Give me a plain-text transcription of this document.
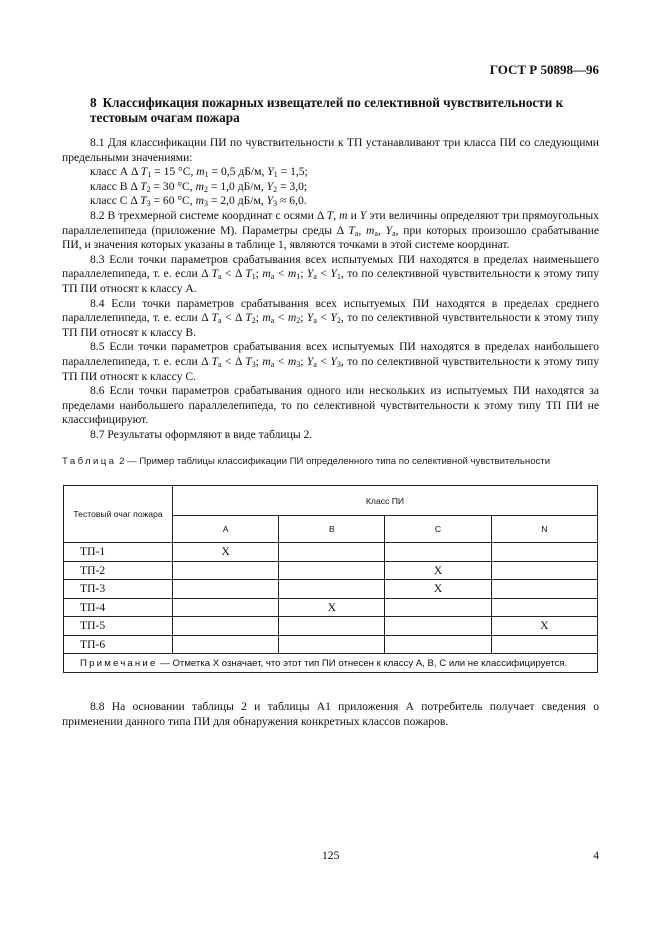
ГОСТ Р 50898—96
8 Классификация пожарных извещателей по селективной чувствительности к тестовым очагам пожара

8.1 Для классификации ПИ по чувствительности к ТП устанавливают три класса ПИ со следующими предельными значениями:

класс А Δ $T_1 = 15$ °С, $m_1 = 0,5$ дБ/м, $Y_1 = 1,5$;

класс В Δ $T_2 = 30$ °С, $m_2 = 1,0$ дБ/м, $Y_2 = 3,0$;

класс С Δ $T_3 = 60$ °С, $m_3 = 2,0$ дБ/м, $Y_3 \approx 6,0$.

8.2 В трехмерной системе координат с осями Δ T, m и Y эти величины определяют три прямоугольных параллелепипеда (приложение М). Параметры среды Δ $T_a$, $m_a$, $Y_a$, при которых произошло срабатывание ПИ, и значения которых указаны в таблице 1, являются точками в этой системе координат.

8.3 Если точки параметров срабатывания всех испытуемых ПИ находятся в пределах наименьшего параллелепипеда, т. е. если Δ $T_a < \Delta$ $T_1$; $m_a < m_1$; $Y_a < Y_1$, то по селективной чувствительности к этому типу ТП ПИ относят к классу А.

8.4 Если точки параметров срабатывания всех испытуемых ПИ находятся в пределах среднего параллелепипеда, т. е. если Δ $T_a < \Delta$ $T_2$; $m_a < m_2$; $Y_a < Y_2$, то по селективной чувствительности к этому типу ТП ПИ относят к классу В.

8.5 Если точки параметров срабатывания всех испытуемых ПИ находятся в пределах наибольшего параллелепипеда, т. е. если Δ $T_a < \Delta$ $T_3$; $m_a < m_3$; $Y_a < Y_3$, то по селективной чувствительности к этому типу ТП ПИ относят к классу С.

8.6 Если точки параметров срабатывания одного или нескольких из испытуемых ПИ находятся за пределами наибольшего параллелепипеда, то по селективной чувствительности к этому типу ТП ПИ не классифицируют.

8.7 Результаты оформляют в виде таблицы 2.

Таблица 2 — Пример таблицы классификации ПИ определенного типа по селективной чувствительности
Тестовый очаг пожара	Класс ПИ			
	А	В	С	N
ТП-1	Х			
ТП-2			Х	
ТП-3			Х	
ТП-4		Х		
ТП-5				Х
ТП-6				
Примечание — Отметка Х означает, что этот тип ПИ отнесен к классу А, В, С или не классифицируется.				

8.8 На основании таблицы 2 и таблицы А1 приложения А потребитель получает сведения о применении данного типа ПИ для обнаружения конкретных классов пожаров.

125	4
